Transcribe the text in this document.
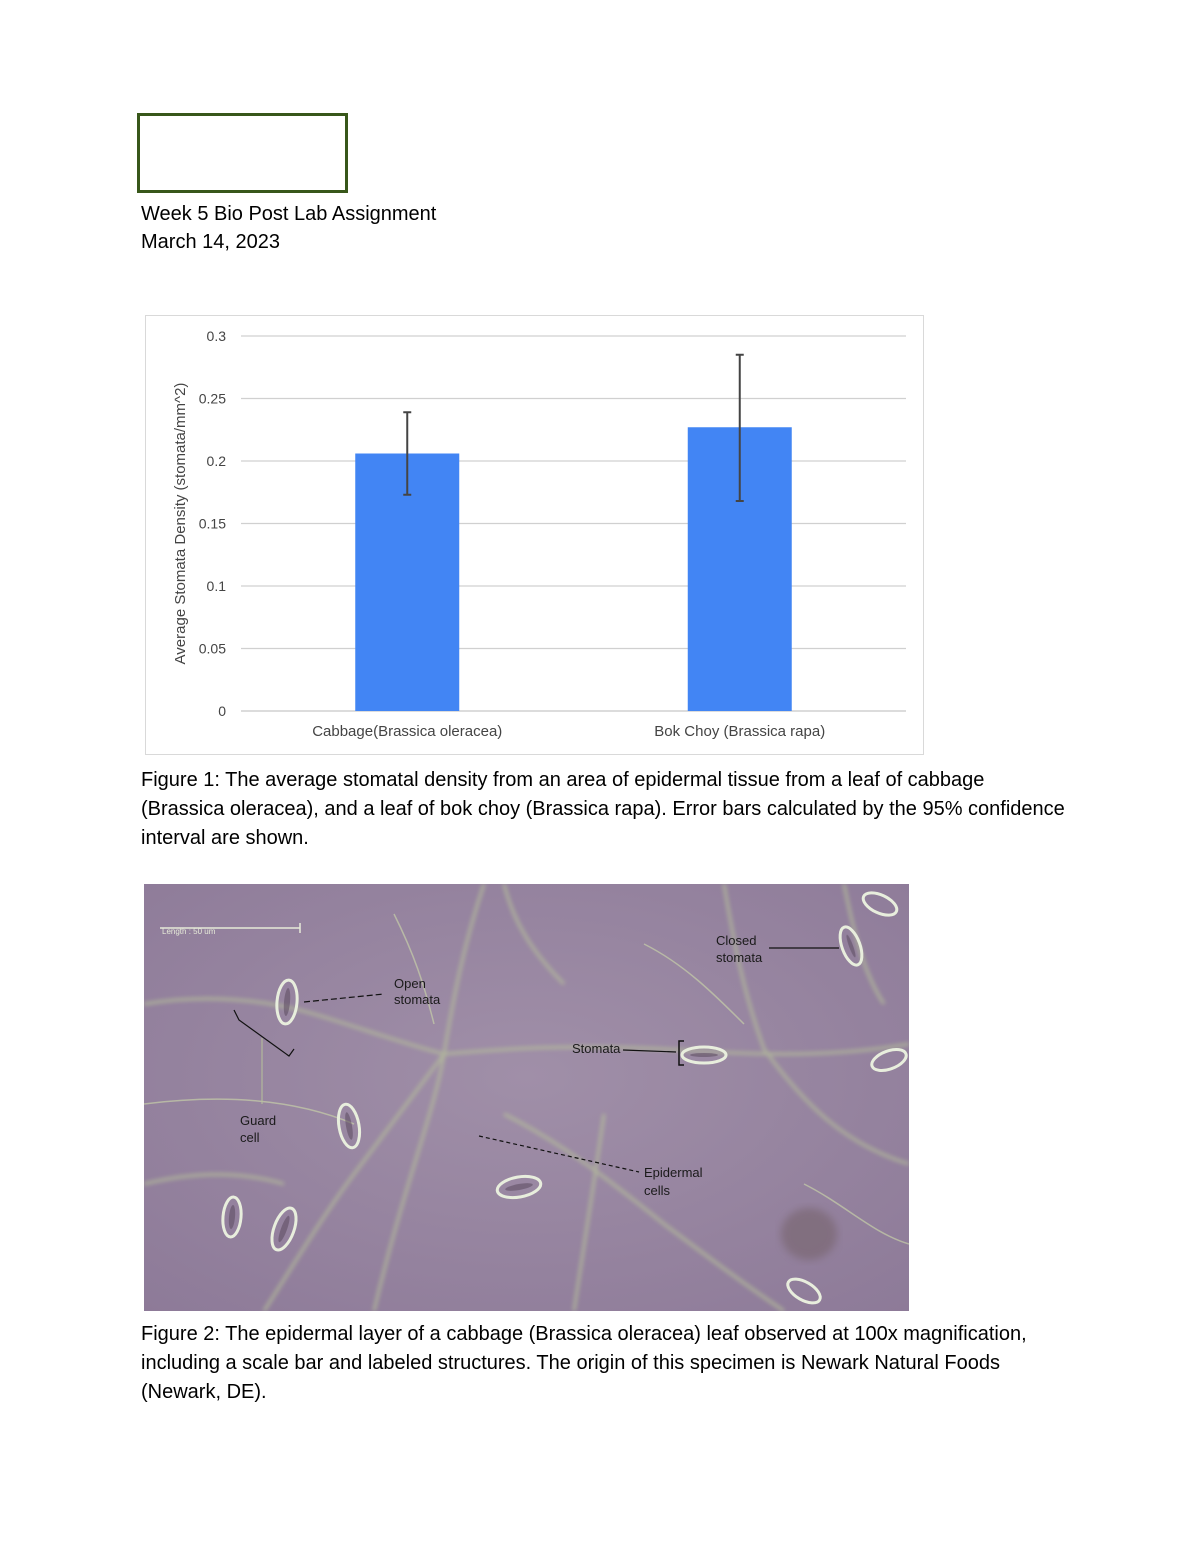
Week 5 Bio Post Lab Assignment
March 14, 2023
0
0.05
0.1
0.15
0.2
0.25
0.3
Average Stomata Density (stomata/mm^2)
Cabbage(Brassica oleracea)	Bok Choy (Brassica rapa)
Figure 1: The average stomatal density from an area of epidermal tissue from a leaf of cabbage (Brassica oleracea), and a leaf of bok choy (Brassica rapa). Error bars calculated by the 95% confidence interval are shown.
Length : 50 um
Open
stomata
Closed
stomata
Stomata
Guard
cell
Epidermal
cells
Figure 2: The epidermal layer of a cabbage (Brassica oleracea) leaf observed at 100x magnification, including a scale bar and labeled structures. The origin of this specimen is Newark Natural Foods (Newark, DE).
